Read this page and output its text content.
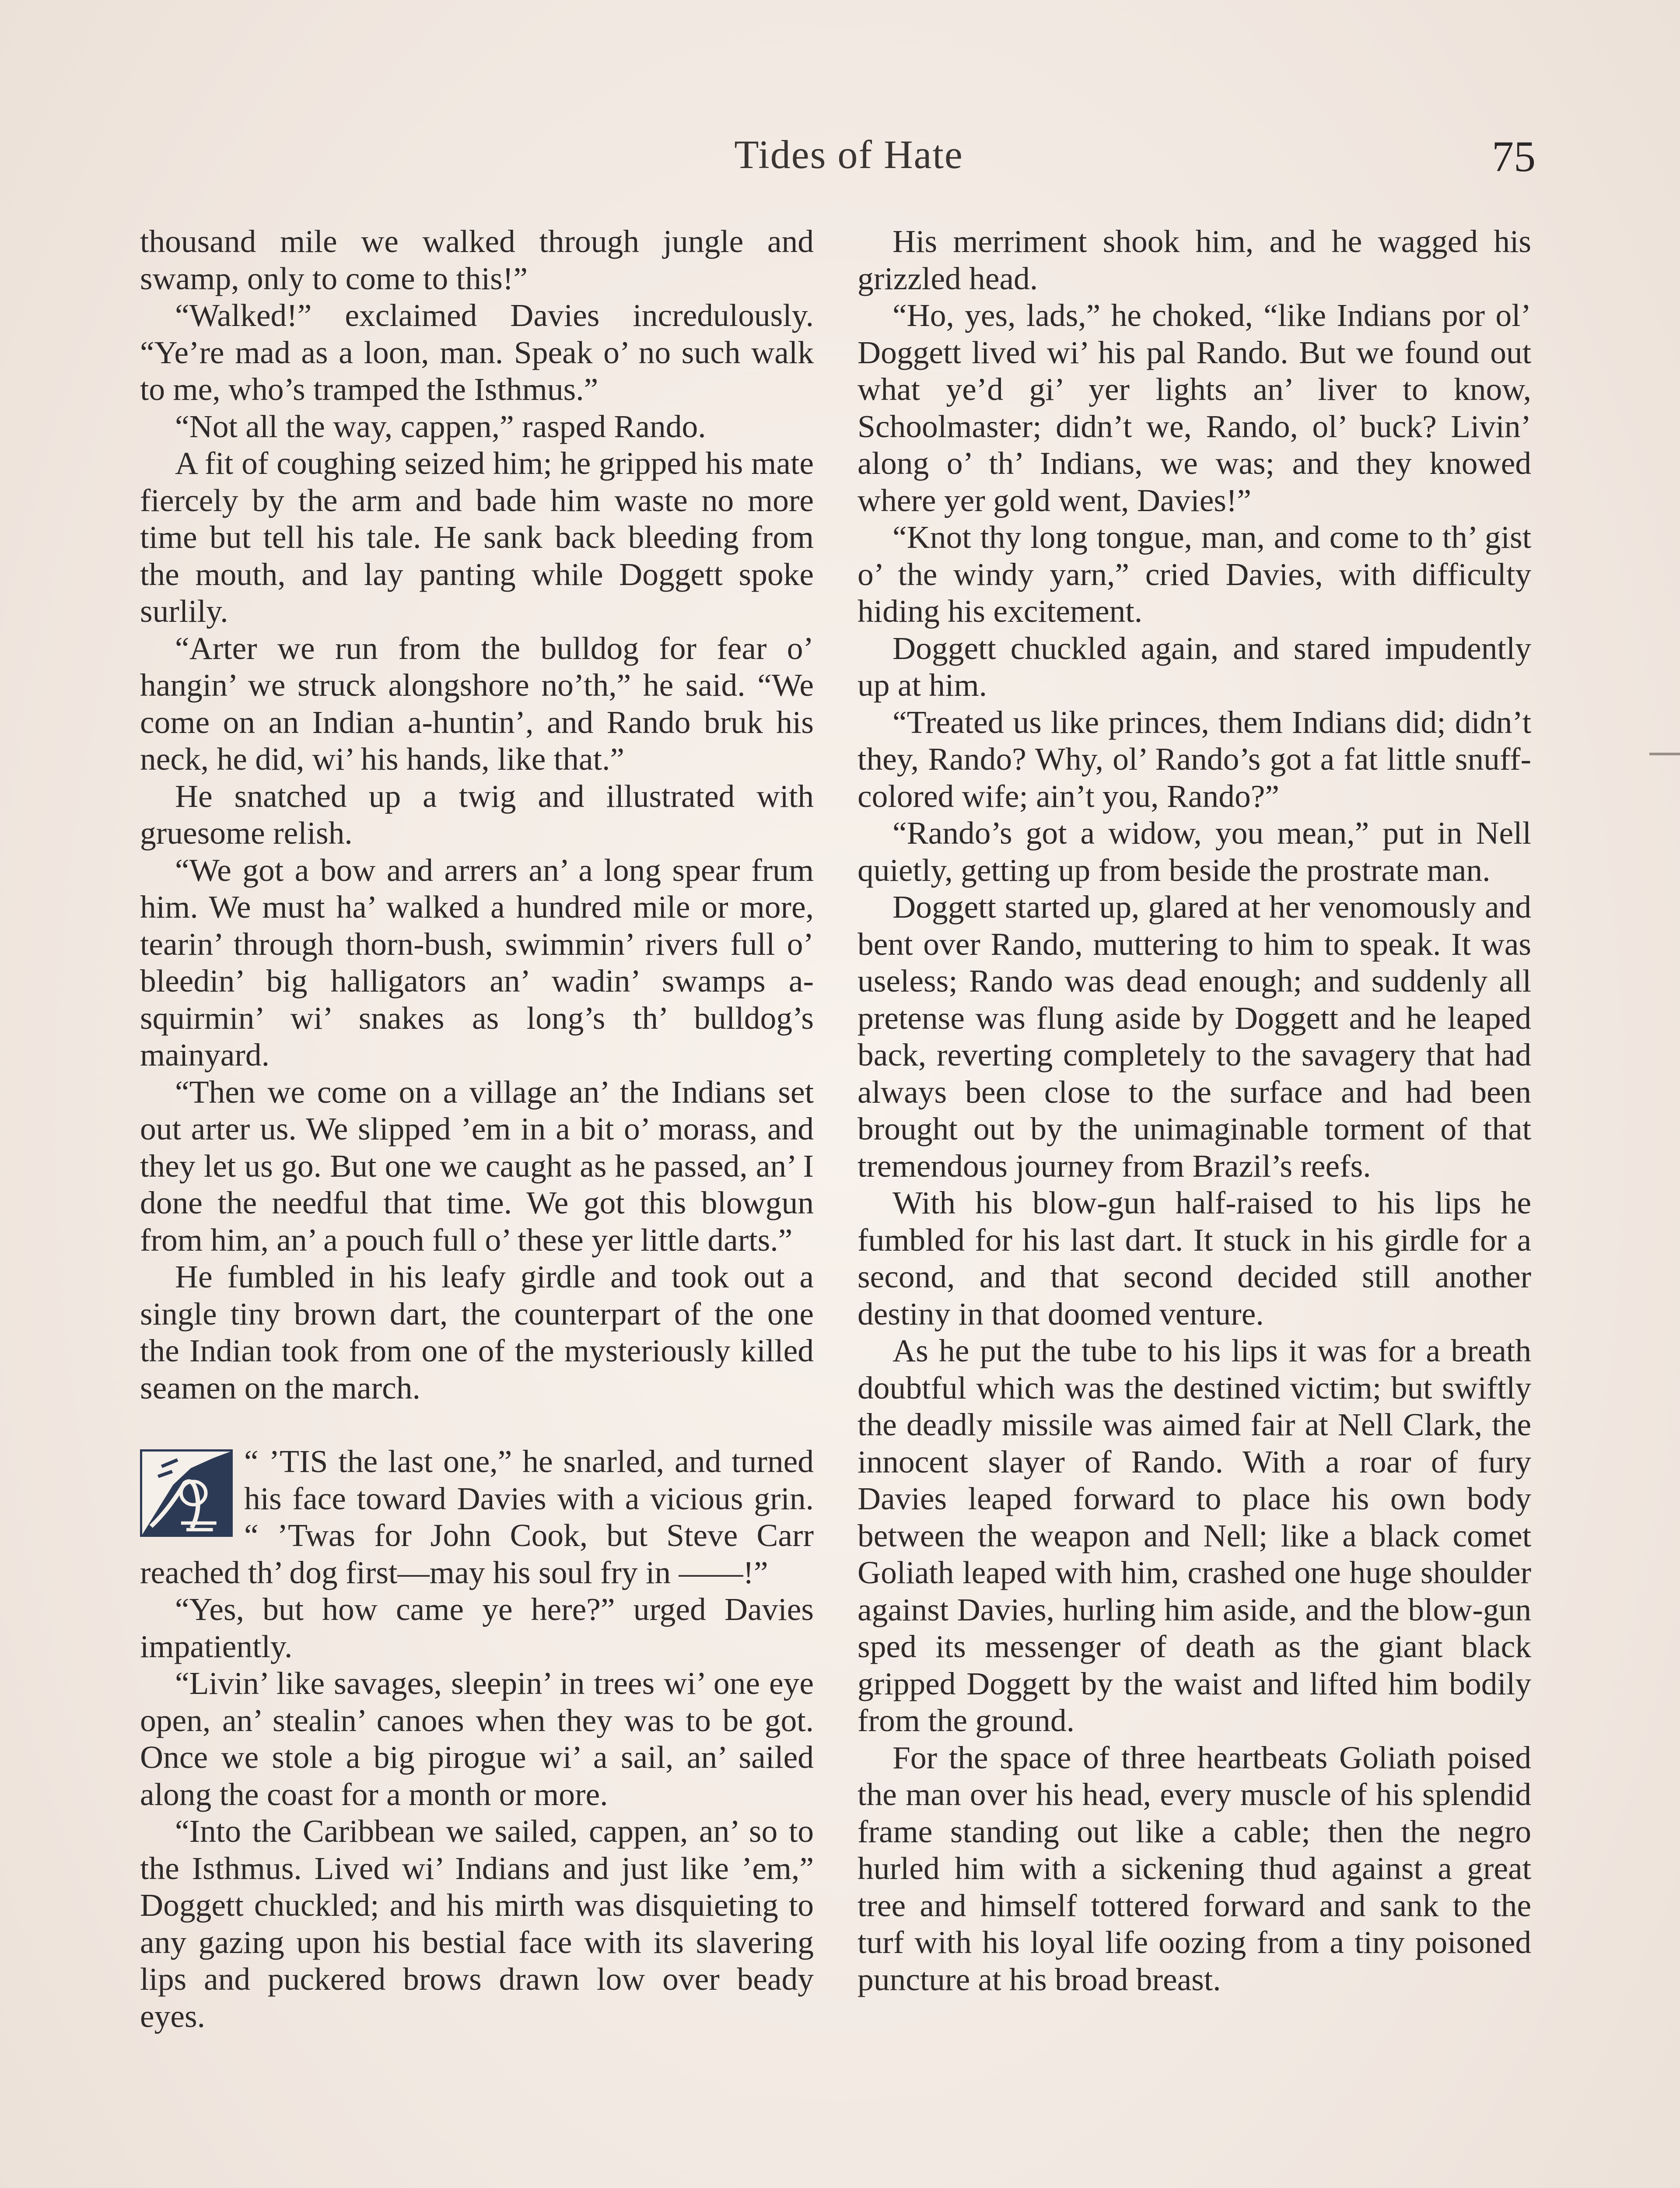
Tides of Hate	75

thousand mile we walked through jungle and swamp, only to come to this!”

“Walked!” exclaimed Davies incredulously. “Ye’re mad as a loon, man. Speak o’ no such walk to me, who’s tramped the Isthmus.”

“Not all the way, cappen,” rasped Rando.

A fit of coughing seized him; he gripped his mate fiercely by the arm and bade him waste no more time but tell his tale. He sank back bleeding from the mouth, and lay panting while Doggett spoke surlily.

“Arter we run from the bulldog for fear o’ hangin’ we struck alongshore no’th,” he said. “We come on an Indian a-huntin’, and Rando bruk his neck, he did, wi’ his hands, like that.”

He snatched up a twig and illustrated with gruesome relish.

“We got a bow and arrers an’ a long spear frum him. We must ha’ walked a hundred mile or more, tearin’ through thorn-bush, swimmin’ rivers full o’ bleedin’ big halligators an’ wadin’ swamps a-squirmin’ wi’ snakes as long’s th’ bulldog’s mainyard.

“Then we come on a village an’ the Indians set out arter us. We slipped ’em in a bit o’ morass, and they let us go. But one we caught as he passed, an’ I done the needful that time. We got this blowgun from him, an’ a pouch full o’ these yer little darts.”

He fumbled in his leafy girdle and took out a single tiny brown dart, the counterpart of the one the Indian took from one of the mysteriously killed seamen on the march.

“ ’TIS the last one,” he snarled, and turned his face toward Davies with a vicious grin. “ ’Twas for John Cook, but Steve Carr reached th’ dog first—may his soul fry in ——!”

“Yes, but how came ye here?” urged Davies impatiently.

“Livin’ like savages, sleepin’ in trees wi’ one eye open, an’ stealin’ canoes when they was to be got. Once we stole a big pirogue wi’ a sail, an’ sailed along the coast for a month or more.

“Into the Caribbean we sailed, cappen, an’ so to the Isthmus. Lived wi’ Indians and just like ’em,” Doggett chuckled; and his mirth was disquieting to any gazing upon his bestial face with its slavering lips and puckered brows drawn low over beady eyes.

His merriment shook him, and he wagged his grizzled head.

“Ho, yes, lads,” he choked, “like Indians por ol’ Doggett lived wi’ his pal Rando. But we found out what ye’d gi’ yer lights an’ liver to know, Schoolmaster; didn’t we, Rando, ol’ buck? Livin’ along o’ th’ Indians, we was; and they knowed where yer gold went, Davies!”

“Knot thy long tongue, man, and come to th’ gist o’ the windy yarn,” cried Davies, with difficulty hiding his excitement.

Doggett chuckled again, and stared impudently up at him.

“Treated us like princes, them Indians did; didn’t they, Rando? Why, ol’ Rando’s got a fat little snuff-colored wife; ain’t you, Rando?”

“Rando’s got a widow, you mean,” put in Nell quietly, getting up from beside the prostrate man.

Doggett started up, glared at her venomously and bent over Rando, muttering to him to speak. It was useless; Rando was dead enough; and suddenly all pretense was flung aside by Doggett and he leaped back, reverting completely to the savagery that had always been close to the surface and had been brought out by the unimaginable torment of that tremendous journey from Brazil’s reefs.

With his blow-gun half-raised to his lips he fumbled for his last dart. It stuck in his girdle for a second, and that second decided still another destiny in that doomed venture.

As he put the tube to his lips it was for a breath doubtful which was the destined victim; but swiftly the deadly missile was aimed fair at Nell Clark, the innocent slayer of Rando. With a roar of fury Davies leaped forward to place his own body between the weapon and Nell; like a black comet Goliath leaped with him, crashed one huge shoulder against Davies, hurling him aside, and the blow-gun sped its messenger of death as the giant black gripped Doggett by the waist and lifted him bodily from the ground.

For the space of three heartbeats Goliath poised the man over his head, every muscle of his splendid frame standing out like a cable; then the negro hurled him with a sickening thud against a great tree and himself tottered forward and sank to the turf with his loyal life oozing from a tiny poisoned puncture at his broad breast.
